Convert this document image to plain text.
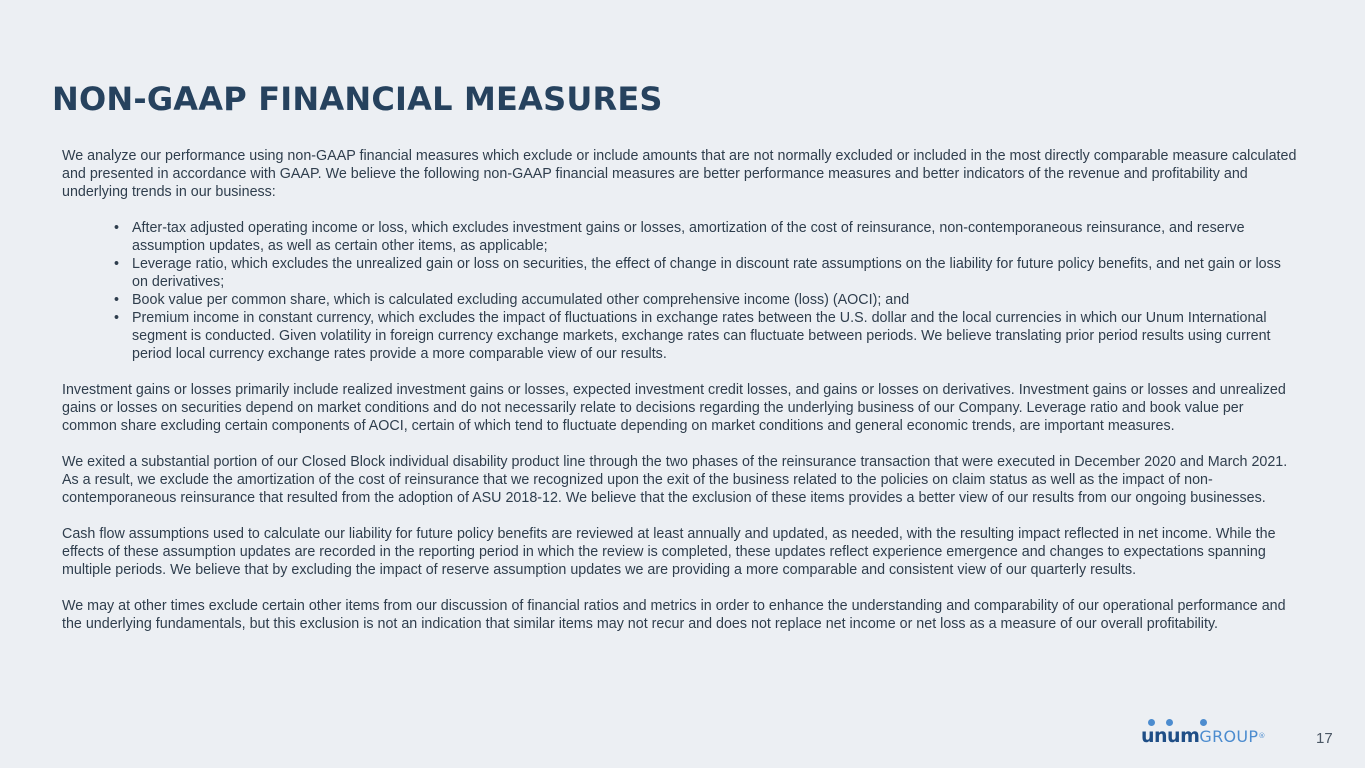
NON-GAAP FINANCIAL MEASURES

We analyze our performance using non-GAAP financial measures which exclude or include amounts that are not normally excluded or included in the most directly comparable measure calculated and presented in accordance with GAAP. We believe the following non-GAAP financial measures are better performance measures and better indicators of the revenue and profitability and underlying trends in our business:

• After-tax adjusted operating income or loss, which excludes investment gains or losses, amortization of the cost of reinsurance, non-contemporaneous reinsurance, and reserve assumption updates, as well as certain other items, as applicable;
• Leverage ratio, which excludes the unrealized gain or loss on securities, the effect of change in discount rate assumptions on the liability for future policy benefits, and net gain or loss on derivatives;
• Book value per common share, which is calculated excluding accumulated other comprehensive income (loss) (AOCI); and
• Premium income in constant currency, which excludes the impact of fluctuations in exchange rates between the U.S. dollar and the local currencies in which our Unum International segment is conducted. Given volatility in foreign currency exchange markets, exchange rates can fluctuate between periods. We believe translating prior period results using current period local currency exchange rates provide a more comparable view of our results.

Investment gains or losses primarily include realized investment gains or losses, expected investment credit losses, and gains or losses on derivatives. Investment gains or losses and unrealized gains or losses on securities depend on market conditions and do not necessarily relate to decisions regarding the underlying business of our Company. Leverage ratio and book value per common share excluding certain components of AOCI, certain of which tend to fluctuate depending on market conditions and general economic trends, are important measures.

We exited a substantial portion of our Closed Block individual disability product line through the two phases of the reinsurance transaction that were executed in December 2020 and March 2021. As a result, we exclude the amortization of the cost of reinsurance that we recognized upon the exit of the business related to the policies on claim status as well as the impact of non-contemporaneous reinsurance that resulted from the adoption of ASU 2018-12. We believe that the exclusion of these items provides a better view of our results from our ongoing businesses.

Cash flow assumptions used to calculate our liability for future policy benefits are reviewed at least annually and updated, as needed, with the resulting impact reflected in net income. While the effects of these assumption updates are recorded in the reporting period in which the review is completed, these updates reflect experience emergence and changes to expectations spanning multiple periods. We believe that by excluding the impact of reserve assumption updates we are providing a more comparable and consistent view of our quarterly results.

We may at other times exclude certain other items from our discussion of financial ratios and metrics in order to enhance the understanding and comparability of our operational performance and the underlying fundamentals, but this exclusion is not an indication that similar items may not recur and does not replace net income or net loss as a measure of our overall profitability.

unumGROUP®	17
